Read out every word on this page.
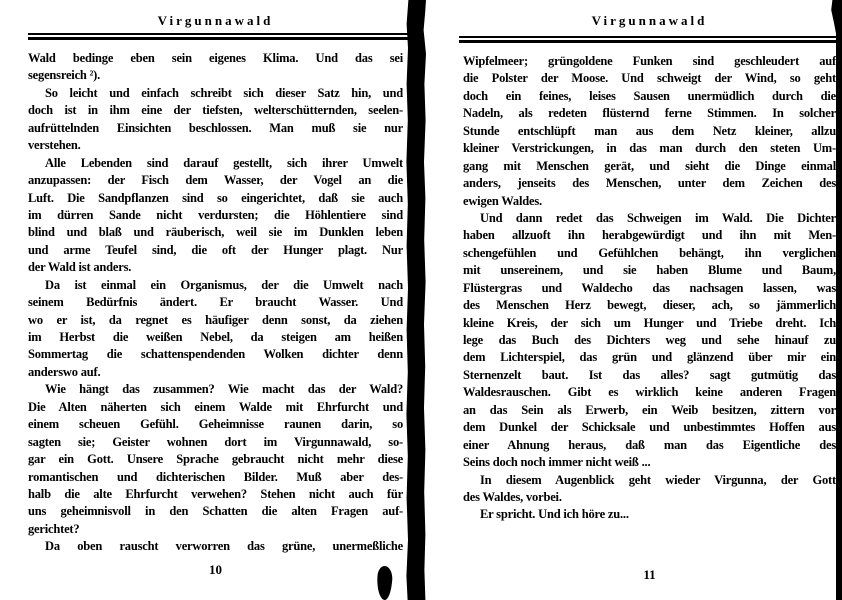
Virgunnawald
Wald bedinge eben sein eigenes Klima. Und das sei
segensreich ²).
So leicht und einfach schreibt sich dieser Satz hin, und
doch ist in ihm eine der tiefsten, welterschütternden, seelen-
aufrüttelnden Einsichten beschlossen. Man muß sie nur
verstehen.
Alle Lebenden sind darauf gestellt, sich ihrer Umwelt
anzupassen: der Fisch dem Wasser, der Vogel an die
Luft. Die Sandpflanzen sind so eingerichtet, daß sie auch
im dürren Sande nicht verdursten; die Höhlentiere sind
blind und blaß und räuberisch, weil sie im Dunklen leben
und arme Teufel sind, die oft der Hunger plagt. Nur
der Wald ist anders.
Da ist einmal ein Organismus, der die Umwelt nach
seinem Bedürfnis ändert. Er braucht Wasser. Und
wo er ist, da regnet es häufiger denn sonst, da ziehen
im Herbst die weißen Nebel, da steigen am heißen
Sommertag die schattenspendenden Wolken dichter denn
anderswo auf.
Wie hängt das zusammen? Wie macht das der Wald?
Die Alten näherten sich einem Walde mit Ehrfurcht und
einem scheuen Gefühl. Geheimnisse raunen darin, so
sagten sie; Geister wohnen dort im Virgunnawald, so-
gar ein Gott. Unsere Sprache gebraucht nicht mehr diese
romantischen und dichterischen Bilder. Muß aber des-
halb die alte Ehrfurcht verwehen? Stehen nicht auch für
uns geheimnisvoll in den Schatten die alten Fragen auf-
gerichtet?
Da oben rauscht verworren das grüne, unermeßliche
10
Virgunnawald
Wipfelmeer; grüngoldene Funken sind geschleudert auf
die Polster der Moose. Und schweigt der Wind, so geht
doch ein feines, leises Sausen unermüdlich durch die
Nadeln, als redeten flüsternd ferne Stimmen. In solcher
Stunde entschlüpft man aus dem Netz kleiner, allzu
kleiner Verstrickungen, in das man durch den steten Um-
gang mit Menschen gerät, und sieht die Dinge einmal
anders, jenseits des Menschen, unter dem Zeichen des
ewigen Waldes.
Und dann redet das Schweigen im Wald. Die Dichter
haben allzuoft ihn herabgewürdigt und ihn mit Men-
schengefühlen und Gefühlchen behängt, ihn verglichen
mit unsereinem, und sie haben Blume und Baum,
Flüstergras und Waldecho das nachsagen lassen, was
des Menschen Herz bewegt, dieser, ach, so jämmerlich
kleine Kreis, der sich um Hunger und Triebe dreht. Ich
lege das Buch des Dichters weg und sehe hinauf zu
dem Lichterspiel, das grün und glänzend über mir ein
Sternenzelt baut. Ist das alles? sagt gutmütig das
Waldesrauschen. Gibt es wirklich keine anderen Fragen
an das Sein als Erwerb, ein Weib besitzen, zittern vor
dem Dunkel der Schicksale und unbestimmtes Hoffen aus
einer Ahnung heraus, daß man das Eigentliche des
Seins doch noch immer nicht weiß ...
In diesem Augenblick geht wieder Virgunna, der Gott
des Waldes, vorbei.
Er spricht. Und ich höre zu...
11
